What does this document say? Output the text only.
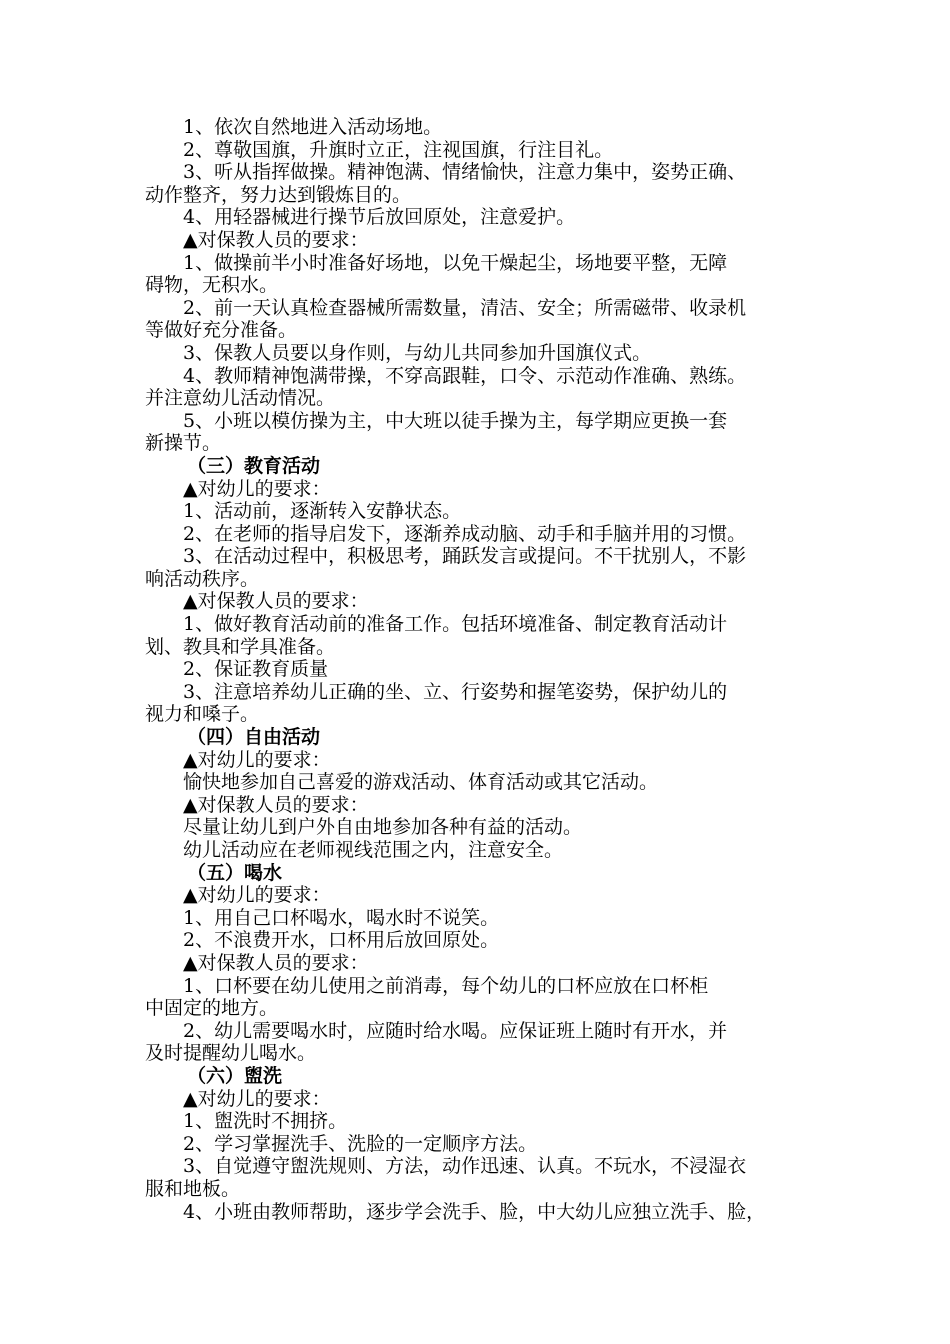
1、依次自然地进入活动场地。
2、尊敬国旗，升旗时立正，注视国旗，行注目礼。
3、听从指挥做操。精神饱满、情绪愉快，注意力集中，姿势正确、
动作整齐，努力达到锻炼目的。
4、用轻器械进行操节后放回原处，注意爱护。
▲对保教人员的要求：
1、做操前半小时准备好场地，以免干燥起尘，场地要平整，无障
碍物，无积水。
2、前一天认真检查器械所需数量，清洁、安全；所需磁带、收录机
等做好充分准备。
3、保教人员要以身作则，与幼儿共同参加升国旗仪式。
4、教师精神饱满带操，不穿高跟鞋，口令、示范动作准确、熟练。
并注意幼儿活动情况。
5、小班以模仿操为主，中大班以徒手操为主，每学期应更换一套
新操节。
（三）教育活动
▲对幼儿的要求：
1、活动前，逐渐转入安静状态。
2、在老师的指导启发下，逐渐养成动脑、动手和手脑并用的习惯。
3、在活动过程中，积极思考，踊跃发言或提问。不干扰别人，不影
响活动秩序。
▲对保教人员的要求：
1、做好教育活动前的准备工作。包括环境准备、制定教育活动计
划、教具和学具准备。
2、保证教育质量
3、注意培养幼儿正确的坐、立、行姿势和握笔姿势，保护幼儿的
视力和嗓子。
（四）自由活动
▲对幼儿的要求：
愉快地参加自己喜爱的游戏活动、体育活动或其它活动。
▲对保教人员的要求：
尽量让幼儿到户外自由地参加各种有益的活动。
幼儿活动应在老师视线范围之内，注意安全。
（五）喝水
▲对幼儿的要求：
1、用自己口杯喝水，喝水时不说笑。
2、不浪费开水，口杯用后放回原处。
▲对保教人员的要求：
1、口杯要在幼儿使用之前消毒，每个幼儿的口杯应放在口杯柜
中固定的地方。
2、幼儿需要喝水时，应随时给水喝。应保证班上随时有开水，并
及时提醒幼儿喝水。
（六）盥洗
▲对幼儿的要求：
1、盥洗时不拥挤。
2、学习掌握洗手、洗脸的一定顺序方法。
3、自觉遵守盥洗规则、方法，动作迅速、认真。不玩水，不浸湿衣
服和地板。
4、小班由教师帮助，逐步学会洗手、脸，中大幼儿应独立洗手、脸，
